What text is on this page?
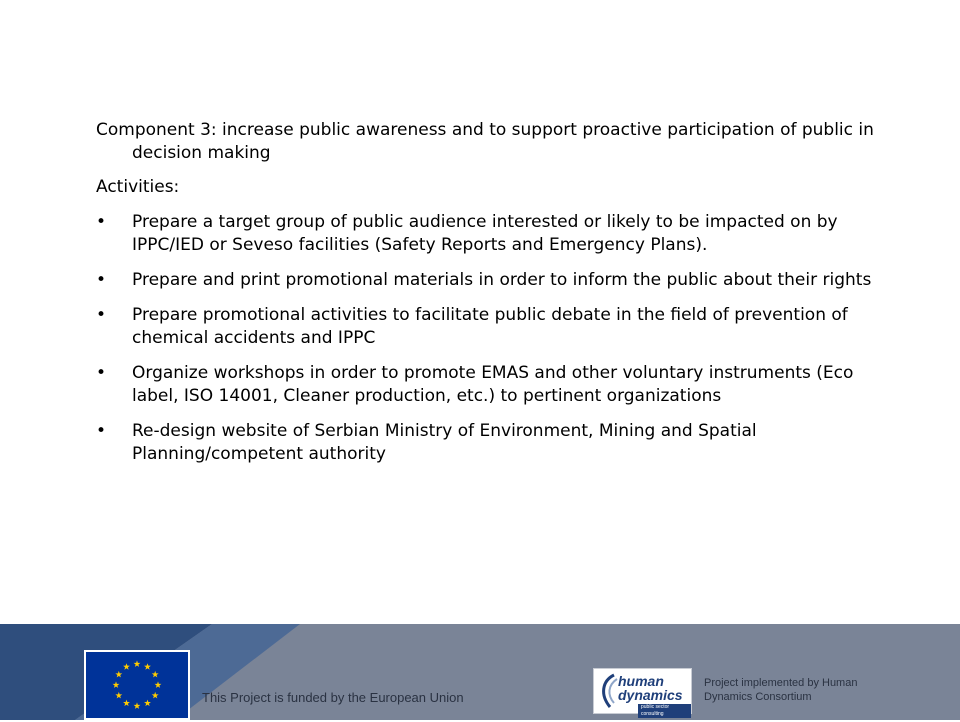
Component 3: increase public awareness and to support proactive participation of public in decision making

Activities:

• Prepare a target group of public audience interested or likely to be impacted on by IPPC/IED or Seveso facilities (Safety Reports and Emergency Plans).
• Prepare and print promotional materials in order to inform the public about their rights
• Prepare promotional activities to facilitate public debate in the field of prevention of chemical accidents and IPPC
• Organize workshops in order to promote EMAS and other voluntary instruments (Eco label, ISO 14001, Cleaner production, etc.) to pertinent organizations
• Re-design website of Serbian Ministry of Environment, Mining and Spatial Planning/competent authority
This Project is funded by the European Union
human
dynamics
public sector consulting
Project implemented by Human Dynamics Consortium
